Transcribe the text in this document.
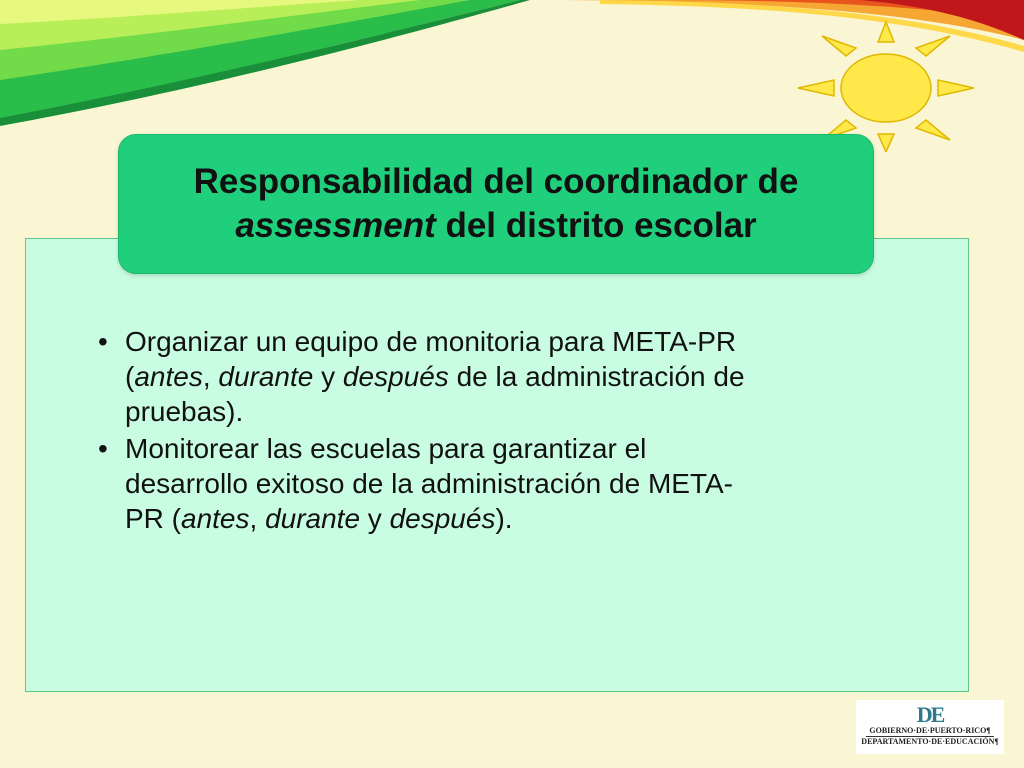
Responsabilidad del coordinador de
assessment del distrito escolar
• Organizar un equipo de monitoria para META-PR
(antes, durante y después de la administración de
pruebas).
• Monitorear las escuelas para garantizar el
desarrollo exitoso de la administración de META-
PR (antes, durante y después).
DE
GOBIERNO·DE·PUERTO·RICO¶
DEPARTAMENTO·DE·EDUCACIÓN¶
